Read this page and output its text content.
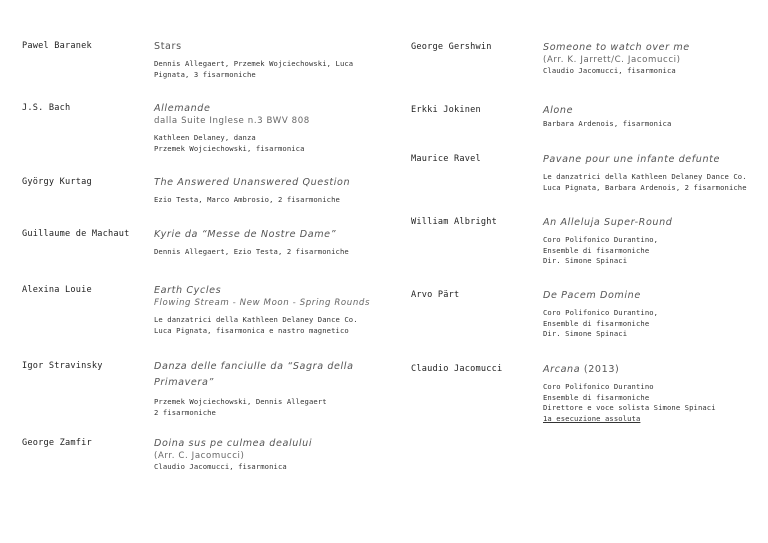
Pawel Baranek	Stars
Dennis Allegaert, Przemek Wojciechowski, Luca
Pignata, 3 fisarmoniche
J.S. Bach	Allemande
dalla Suite Inglese n.3 BWV 808
Kathleen Delaney, danza
Przemek Wojciechowski, fisarmonica
György Kurtag	The Answered Unanswered Question
Ezio Testa, Marco Ambrosio, 2 fisarmoniche
Guillaume de Machaut	Kyrie da “Messe de Nostre Dame”
Dennis Allegaert, Ezio Testa, 2 fisarmoniche
Alexina Louie	Earth Cycles
Flowing Stream - New Moon - Spring Rounds
Le danzatrici della Kathleen Delaney Dance Co.
Luca Pignata, fisarmonica e nastro magnetico
Igor Stravinsky	Danza delle fanciulle da “Sagra della
Primavera”
Przemek Wojciechowski, Dennis Allegaert
2 fisarmoniche
George Zamfir	Doina sus pe culmea dealului
(Arr. C. Jacomucci)
Claudio Jacomucci, fisarmonica
George Gershwin	Someone to watch over me
(Arr. K. Jarrett/C. Jacomucci)
Claudio Jacomucci, fisarmonica
Erkki Jokinen	Alone
Barbara Ardenois, fisarmonica
Maurice Ravel	Pavane pour une infante defunte
Le danzatrici della Kathleen Delaney Dance Co.
Luca Pignata, Barbara Ardenois, 2 fisarmoniche
William Albright	An Alleluja Super-Round
Coro Polifonico Durantino,
Ensemble di fisarmoniche
Dir. Simone Spinaci
Arvo Pärt	De Pacem Domine
Coro Polifonico Durantino,
Ensemble di fisarmoniche
Dir. Simone Spinaci
Claudio Jacomucci	Arcana (2013)
Coro Polifonico Durantino
Ensemble di fisarmoniche
Direttore e voce solista Simone Spinaci
1a esecuzione assoluta
